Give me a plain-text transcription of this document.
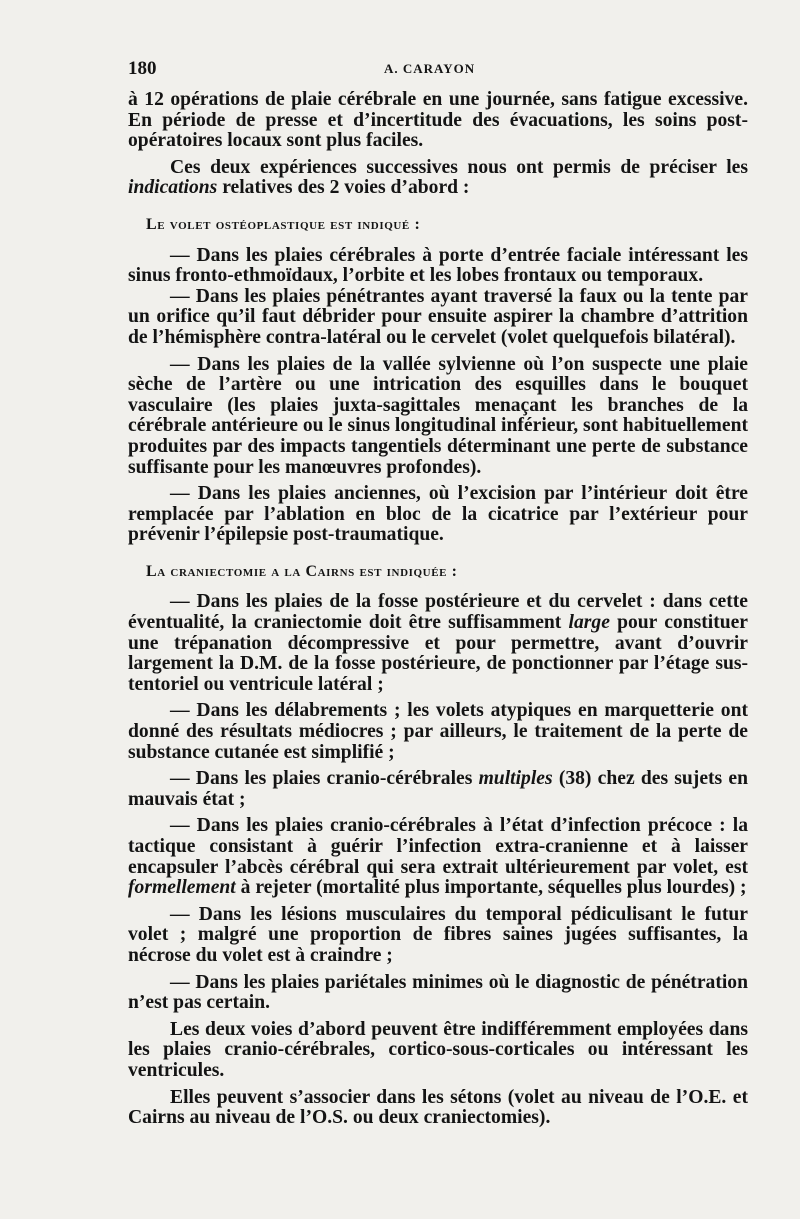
180	A. CARAYON

à 12 opérations de plaie cérébrale en une journée, sans fatigue excessive. En période de presse et d’incertitude des évacuations, les soins post-opératoires locaux sont plus faciles.

Ces deux expériences successives nous ont permis de préciser les indications relatives des 2 voies d’abord :

Le volet ostéoplastique est indiqué :

— Dans les plaies cérébrales à porte d’entrée faciale intéressant les sinus fronto-ethmoïdaux, l’orbite et les lobes frontaux ou temporaux.

— Dans les plaies pénétrantes ayant traversé la faux ou la tente par un orifice qu’il faut débrider pour ensuite aspirer la chambre d’attrition de l’hémisphère contra-latéral ou le cervelet (volet quelquefois bilatéral).

— Dans les plaies de la vallée sylvienne où l’on suspecte une plaie sèche de l’artère ou une intrication des esquilles dans le bouquet vasculaire (les plaies juxta-sagittales menaçant les branches de la cérébrale antérieure ou le sinus longitudinal inférieur, sont habituellement produites par des impacts tangentiels déterminant une perte de substance suffisante pour les manœuvres profondes).

— Dans les plaies anciennes, où l’excision par l’intérieur doit être remplacée par l’ablation en bloc de la cicatrice par l’extérieur pour prévenir l’épilepsie post-traumatique.

La craniectomie a la Cairns est indiquée :

— Dans les plaies de la fosse postérieure et du cervelet : dans cette éventualité, la craniectomie doit être suffisamment large pour constituer une trépanation décompressive et pour permettre, avant d’ouvrir largement la D.M. de la fosse postérieure, de ponctionner par l’étage sus-tentoriel ou ventricule latéral ;

— Dans les délabrements ; les volets atypiques en marquetterie ont donné des résultats médiocres ; par ailleurs, le traitement de la perte de substance cutanée est simplifié ;

— Dans les plaies cranio-cérébrales multiples (38) chez des sujets en mauvais état ;

— Dans les plaies cranio-cérébrales à l’état d’infection précoce : la tactique consistant à guérir l’infection extra-cranienne et à laisser encapsuler l’abcès cérébral qui sera extrait ultérieurement par volet, est formellement à rejeter (mortalité plus importante, séquelles plus lourdes) ;

— Dans les lésions musculaires du temporal pédiculisant le futur volet ; malgré une proportion de fibres saines jugées suffisantes, la nécrose du volet est à craindre ;

— Dans les plaies pariétales minimes où le diagnostic de pénétration n’est pas certain.

Les deux voies d’abord peuvent être indifféremment employées dans les plaies cranio-cérébrales, cortico-sous-corticales ou intéressant les ventricules.

Elles peuvent s’associer dans les sétons (volet au niveau de l’O.E. et Cairns au niveau de l’O.S. ou deux craniectomies).
